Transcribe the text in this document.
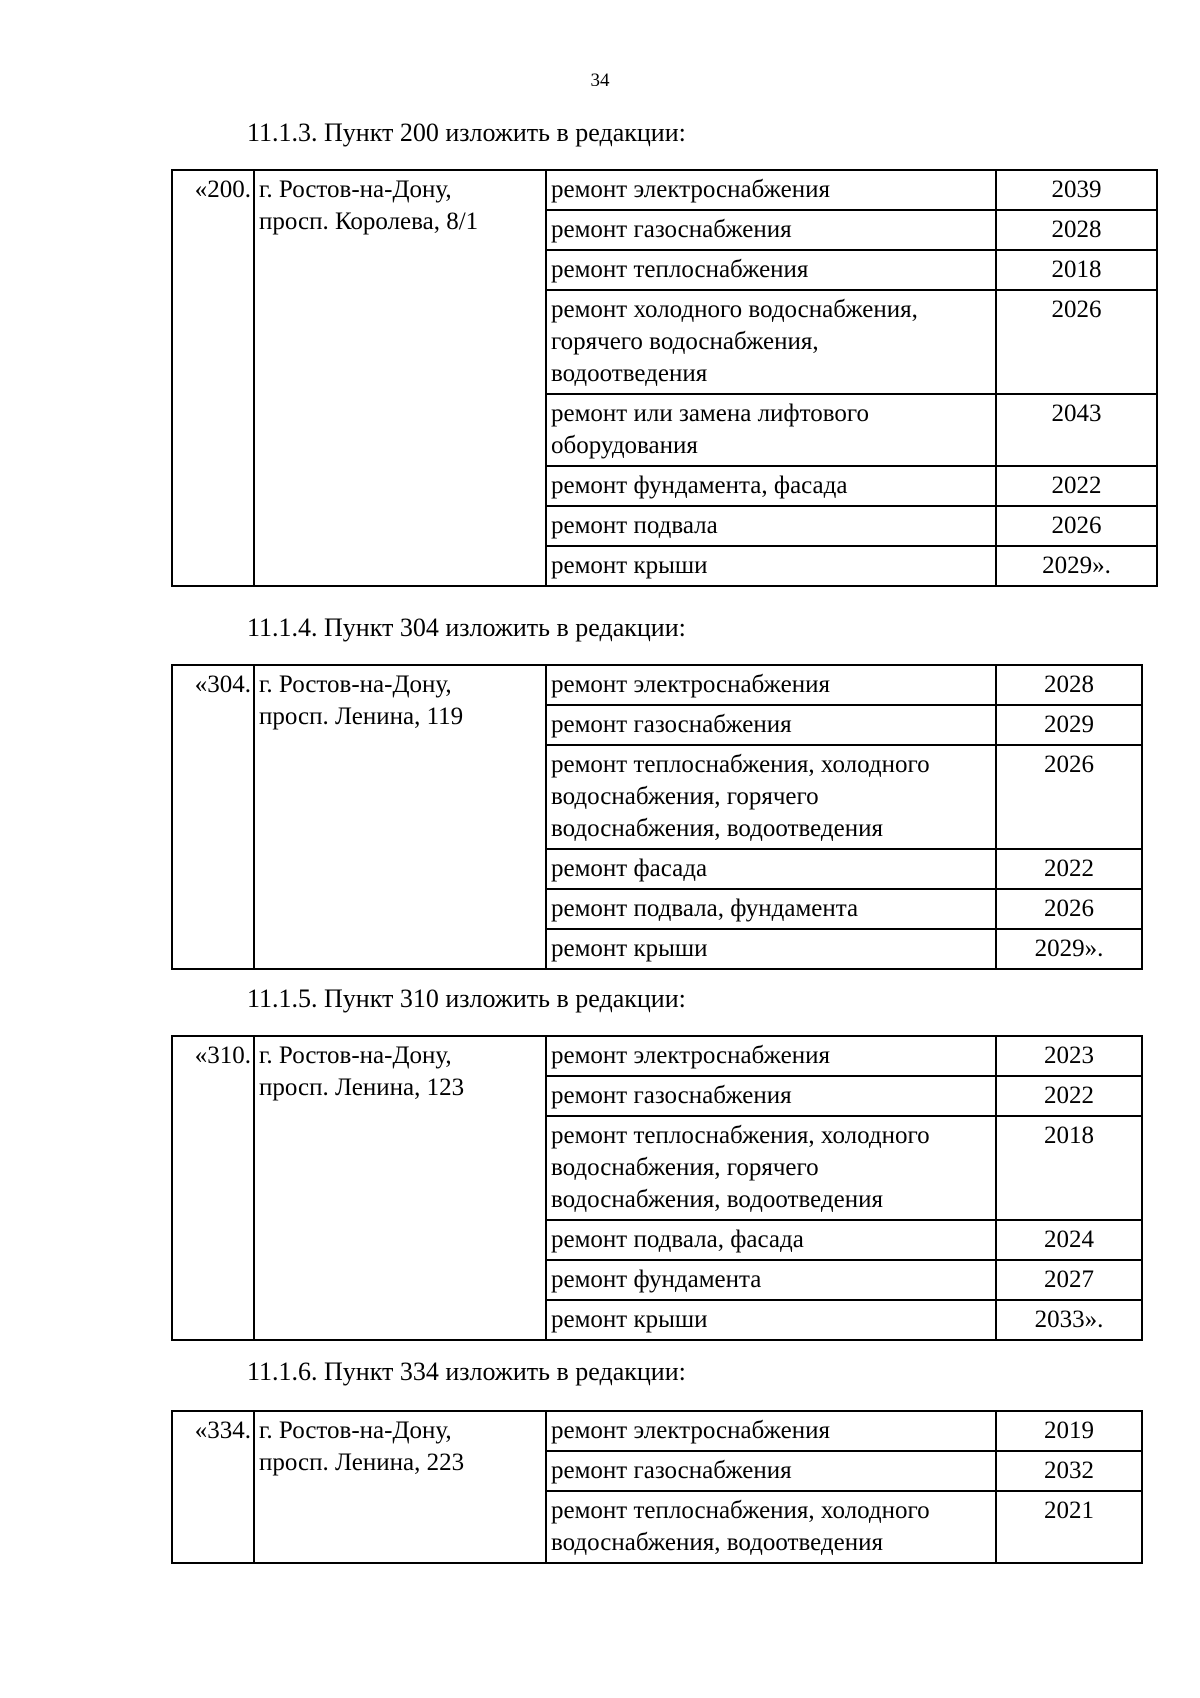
34
11.1.3. Пункт 200 изложить в редакции:
«200.	г. Ростов-на-Дону,
просп. Королева, 8/1	ремонт электроснабжения	2039
		ремонт газоснабжения	2028
		ремонт теплоснабжения	2018
		ремонт холодного водоснабжения,
горячего водоснабжения,
водоотведения	2026
		ремонт или замена лифтового
оборудования	2043
		ремонт фундамента, фасада	2022
		ремонт подвала	2026
		ремонт крыши	2029».
11.1.4. Пункт 304 изложить в редакции:
«304.	г. Ростов-на-Дону,
просп. Ленина, 119	ремонт электроснабжения	2028
		ремонт газоснабжения	2029
		ремонт теплоснабжения, холодного
водоснабжения, горячего
водоснабжения, водоотведения	2026
		ремонт фасада	2022
		ремонт подвала, фундамента	2026
		ремонт крыши	2029».
11.1.5. Пункт 310 изложить в редакции:
«310.	г. Ростов-на-Дону,
просп. Ленина, 123	ремонт электроснабжения	2023
		ремонт газоснабжения	2022
		ремонт теплоснабжения, холодного
водоснабжения, горячего
водоснабжения, водоотведения	2018
		ремонт подвала, фасада	2024
		ремонт фундамента	2027
		ремонт крыши	2033».
11.1.6. Пункт 334 изложить в редакции:
«334.	г. Ростов-на-Дону,
просп. Ленина, 223	ремонт электроснабжения	2019
		ремонт газоснабжения	2032
		ремонт теплоснабжения, холодного
водоснабжения, водоотведения	2021
